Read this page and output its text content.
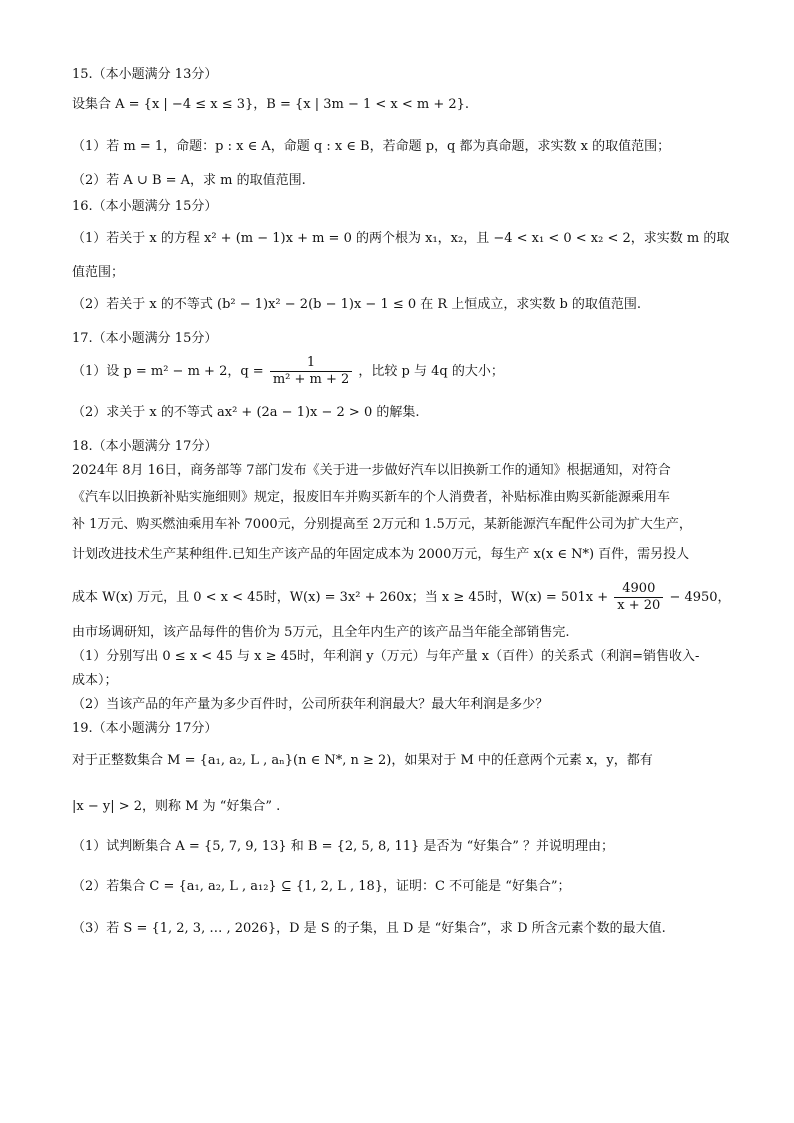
15.（本小题满分 13分）
设集合 A = {x | −4 ≤ x ≤ 3}，B = {x | 3m − 1 < x < m + 2}.
（1）若 m = 1，命题：p : x ∈ A，命题 q : x ∈ B，若命题 p，q 都为真命题，求实数 x 的取值范围；
（2）若 A ∪ B = A，求 m 的取值范围.
16.（本小题满分 15分）
（1）若关于 x 的方程 x² + (m − 1)x + m = 0 的两个根为 x₁，x₂，且 −4 < x₁ < 0 < x₂ < 2，求实数 m 的取
值范围；
（2）若关于 x 的不等式 (b² − 1)x² − 2(b − 1)x − 1 ≤ 0 在 R 上恒成立，求实数 b 的取值范围.
17.（本小题满分 15分）
（1）设 p = m² − m + 2，$q = \frac{1}{\text{m² + m + 2}}$ ，比较 p 与 4q 的大小；
（2）求关于 x 的不等式 ax² + (2a − 1)x − 2 > 0 的解集.
18.（本小题满分 17分）
2024年 8月 16日，商务部等 7部门发布《关于进一步做好汽车以旧换新工作的通知》根据通知，对符合
《汽车以旧换新补贴实施细则》规定，报废旧车并购买新车的个人消费者，补贴标准由购买新能源乘用车
补 1万元、购买燃油乘用车补 7000元，分别提高至 2万元和 1.5万元，某新能源汽车配件公司为扩大生产，
计划改进技术生产某种组件.已知生产该产品的年固定成本为 2000万元，每生产 x(x ∈ N*) 百件，需另投人
成本 W(x) 万元，且 0 < x < 45时，W(x) = 3x² + 260x；当 x ≥ 45时，$W(x) = 501x + \frac{4900}{x + 20} - 4950$，
由市场调研知，该产品每件的售价为 5万元，且全年内生产的该产品当年能全部销售完.
（1）分别写出 0 ≤ x < 45 与 x ≥ 45时，年利润 y（万元）与年产量 x（百件）的关系式（利润=销售收入-
成本）；
（2）当该产品的年产量为多少百件时，公司所获年利润最大？最大年利润是多少？
19.（本小题满分 17分）
对于正整数集合 M = {a₁, a₂, L , aₙ}(n ∈ N*, n ≥ 2)，如果对于 M 中的任意两个元素 x，y，都有
|x − y| > 2，则称 M 为 “好集合” .
（1）试判断集合 A = {5, 7, 9, 13} 和 B = {2, 5, 8, 11} 是否为 “好集合” ？并说明理由；
（2）若集合 C = {a₁, a₂, L , a₁₂} ⊆ {1, 2, L , 18}，证明：C 不可能是 “好集合”；
（3）若 S = {1, 2, 3, … , 2026}，D 是 S 的子集，且 D 是 “好集合”，求 D 所含元素个数的最大值.
